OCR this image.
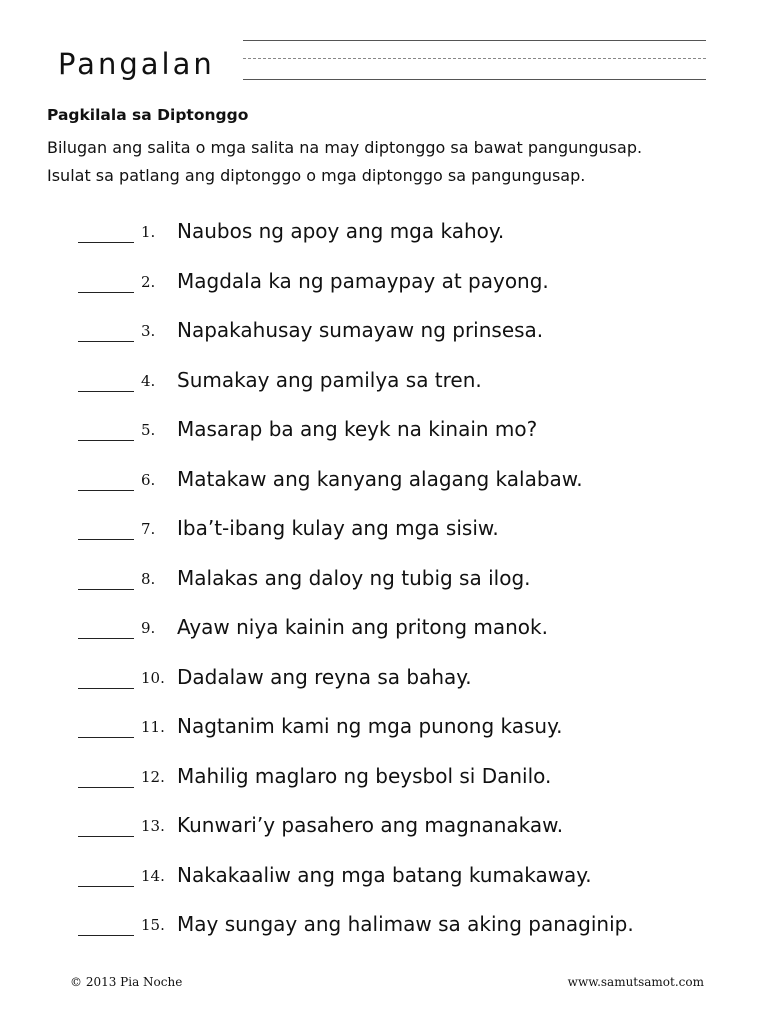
Pangalan
Pagkilala sa Diptonggo
Bilugan ang salita o mga salita na may diptonggo sa bawat pangungusap.
Isulat sa patlang ang diptonggo o mga diptonggo sa pangungusap.
1. Naubos ng apoy ang mga kahoy.
2. Magdala ka ng pamaypay at payong.
3. Napakahusay sumayaw ng prinsesa.
4. Sumakay ang pamilya sa tren.
5. Masarap ba ang keyk na kinain mo?
6. Matakaw ang kanyang alagang kalabaw.
7. Iba’t-ibang kulay ang mga sisiw.
8. Malakas ang daloy ng tubig sa ilog.
9. Ayaw niya kainin ang pritong manok.
10. Dadalaw ang reyna sa bahay.
11. Nagtanim kami ng mga punong kasuy.
12. Mahilig maglaro ng beysbol si Danilo.
13. Kunwari’y pasahero ang magnanakaw.
14. Nakakaaliw ang mga batang kumakaway.
15. May sungay ang halimaw sa aking panaginip.
© 2013 Pia Noche	www.samutsamot.com
